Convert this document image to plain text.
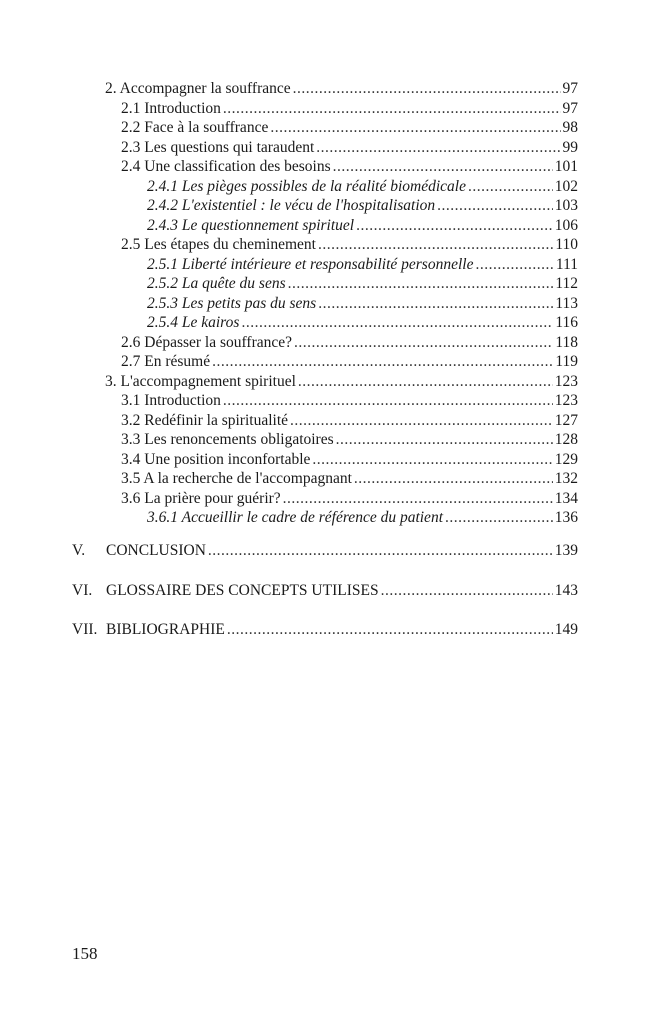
2. Accompagner la souffrance .....	97
2.1 Introduction .....	97
2.2 Face à la souffrance .....	98
2.3 Les questions qui taraudent .....	99
2.4 Une classification des besoins .....	101
2.4.1 Les pièges possibles de la réalité biomédicale .....	102
2.4.2 L'existentiel : le vécu de l'hospitalisation .....	103
2.4.3 Le questionnement spirituel .....	106
2.5 Les étapes du cheminement .....	110
2.5.1 Liberté intérieure et responsabilité personnelle .....	111
2.5.2 La quête du sens .....	112
2.5.3 Les petits pas du sens .....	113
2.5.4 Le kairos .....	116
2.6 Dépasser la souffrance? .....	118
2.7 En résumé .....	119
3. L'accompagnement spirituel .....	123
3.1 Introduction .....	123
3.2 Redéfinir la spiritualité .....	127
3.3 Les renoncements obligatoires .....	128
3.4 Une position inconfortable .....	129
3.5 A la recherche de l'accompagnant .....	132
3.6 La prière pour guérir? .....	134
3.6.1 Accueillir le cadre de référence du patient .....	136
V.	CONCLUSION .....	139
VI. GLOSSAIRE DES CONCEPTS UTILISES .....	143
VII. BIBLIOGRAPHIE .....	149
158
